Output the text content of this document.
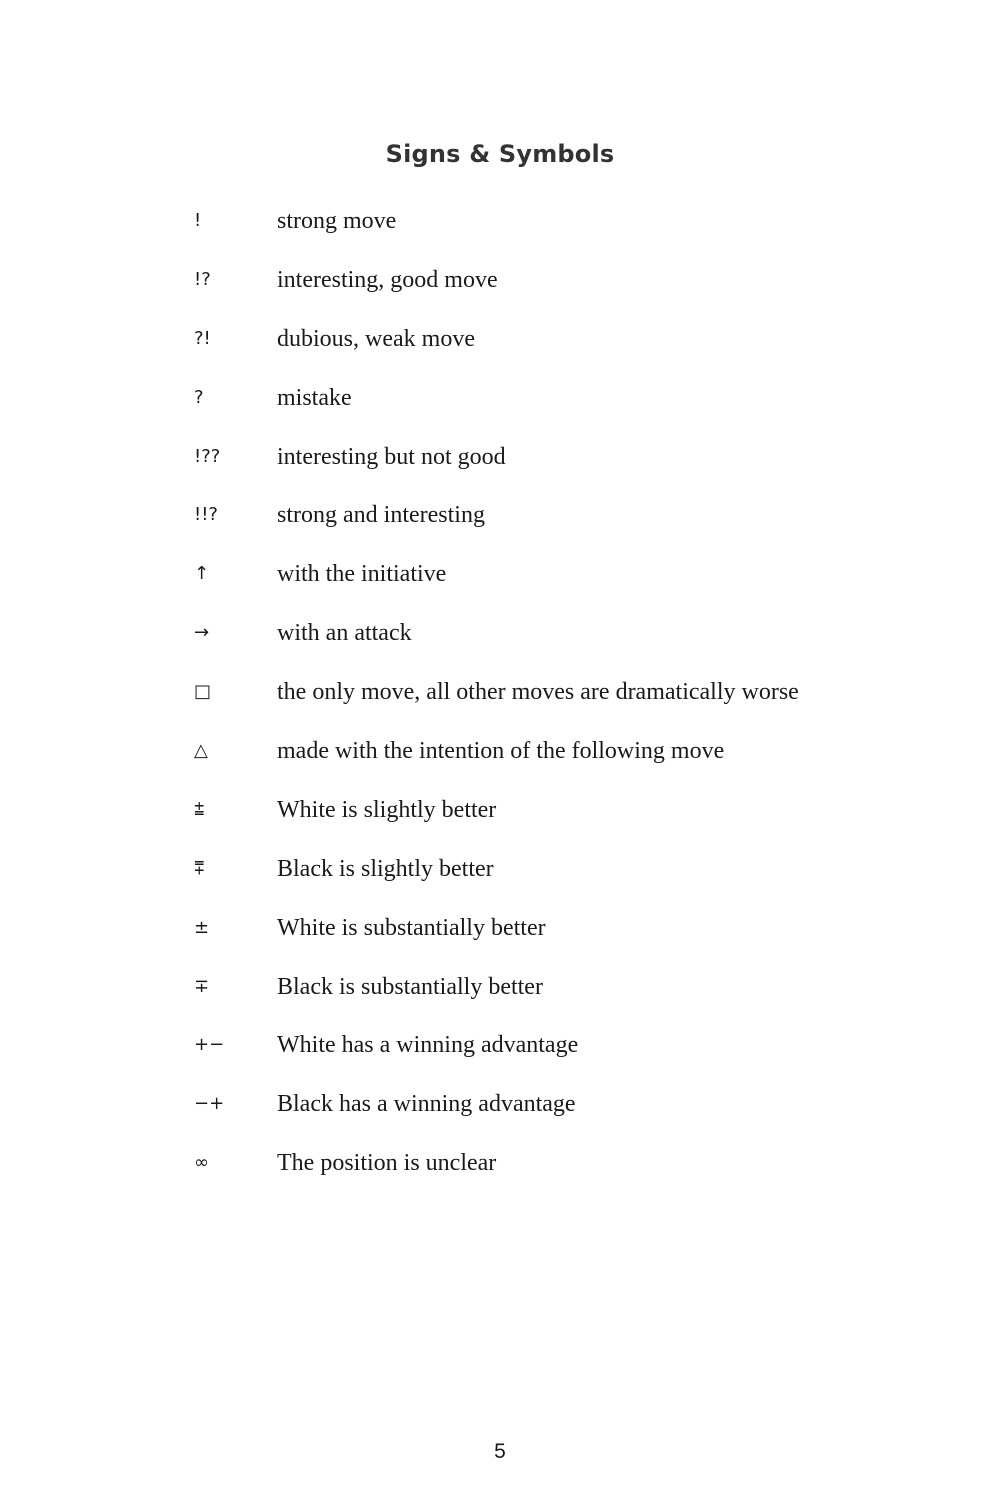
Signs & Symbols
!	strong move
!?	interesting, good move
?!	dubious, weak move
?	mistake
!?? interesting but not good
!!? strong and interesting
↑	with the initiative
→	with an attack
□	the only move, all other moves are dramatically worse
△	made with the intention of the following move
⩲	White is slightly better
⩱	Black is slightly better
±	White is substantially better
∓	Black is substantially better
+− White has a winning advantage
−+ Black has a winning advantage
∞	The position is unclear
5
